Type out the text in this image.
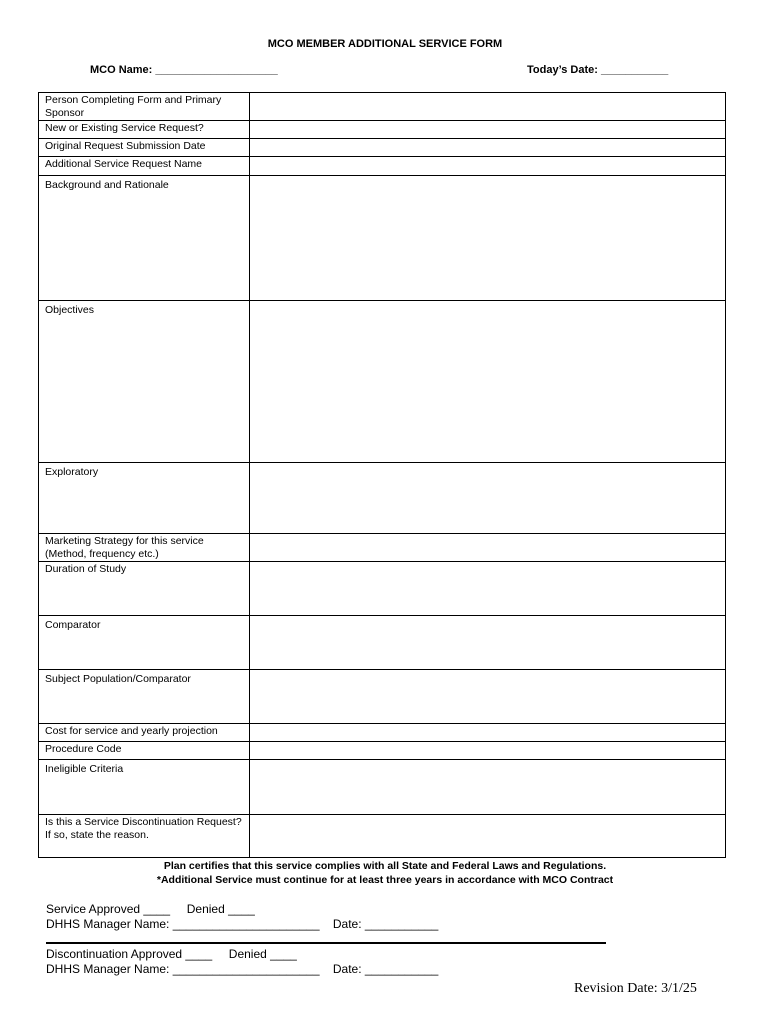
MCO MEMBER ADDITIONAL SERVICE FORM
MCO Name: ____________________	Today’s Date: ___________
Person Completing Form and Primary Sponsor	
New or Existing Service Request?	
Original Request Submission Date	
Additional Service Request Name	
Background and Rationale	
Objectives	
Exploratory	
Marketing Strategy for this service (Method, frequency etc.)	
Duration of Study	
Comparator	
Subject Population/Comparator	
Cost for service and yearly projection	
Procedure Code	
Ineligible Criteria	
Is this a Service Discontinuation Request? If so, state the reason.	
Plan certifies that this service complies with all State and Federal Laws and Regulations.
*Additional Service must continue for at least three years in accordance with MCO Contract
Service Approved ____     Denied ____
DHHS Manager Name: ______________________    Date: ___________
Discontinuation Approved ____     Denied ____
DHHS Manager Name: ______________________    Date: ___________
Revision Date: 3/1/25
